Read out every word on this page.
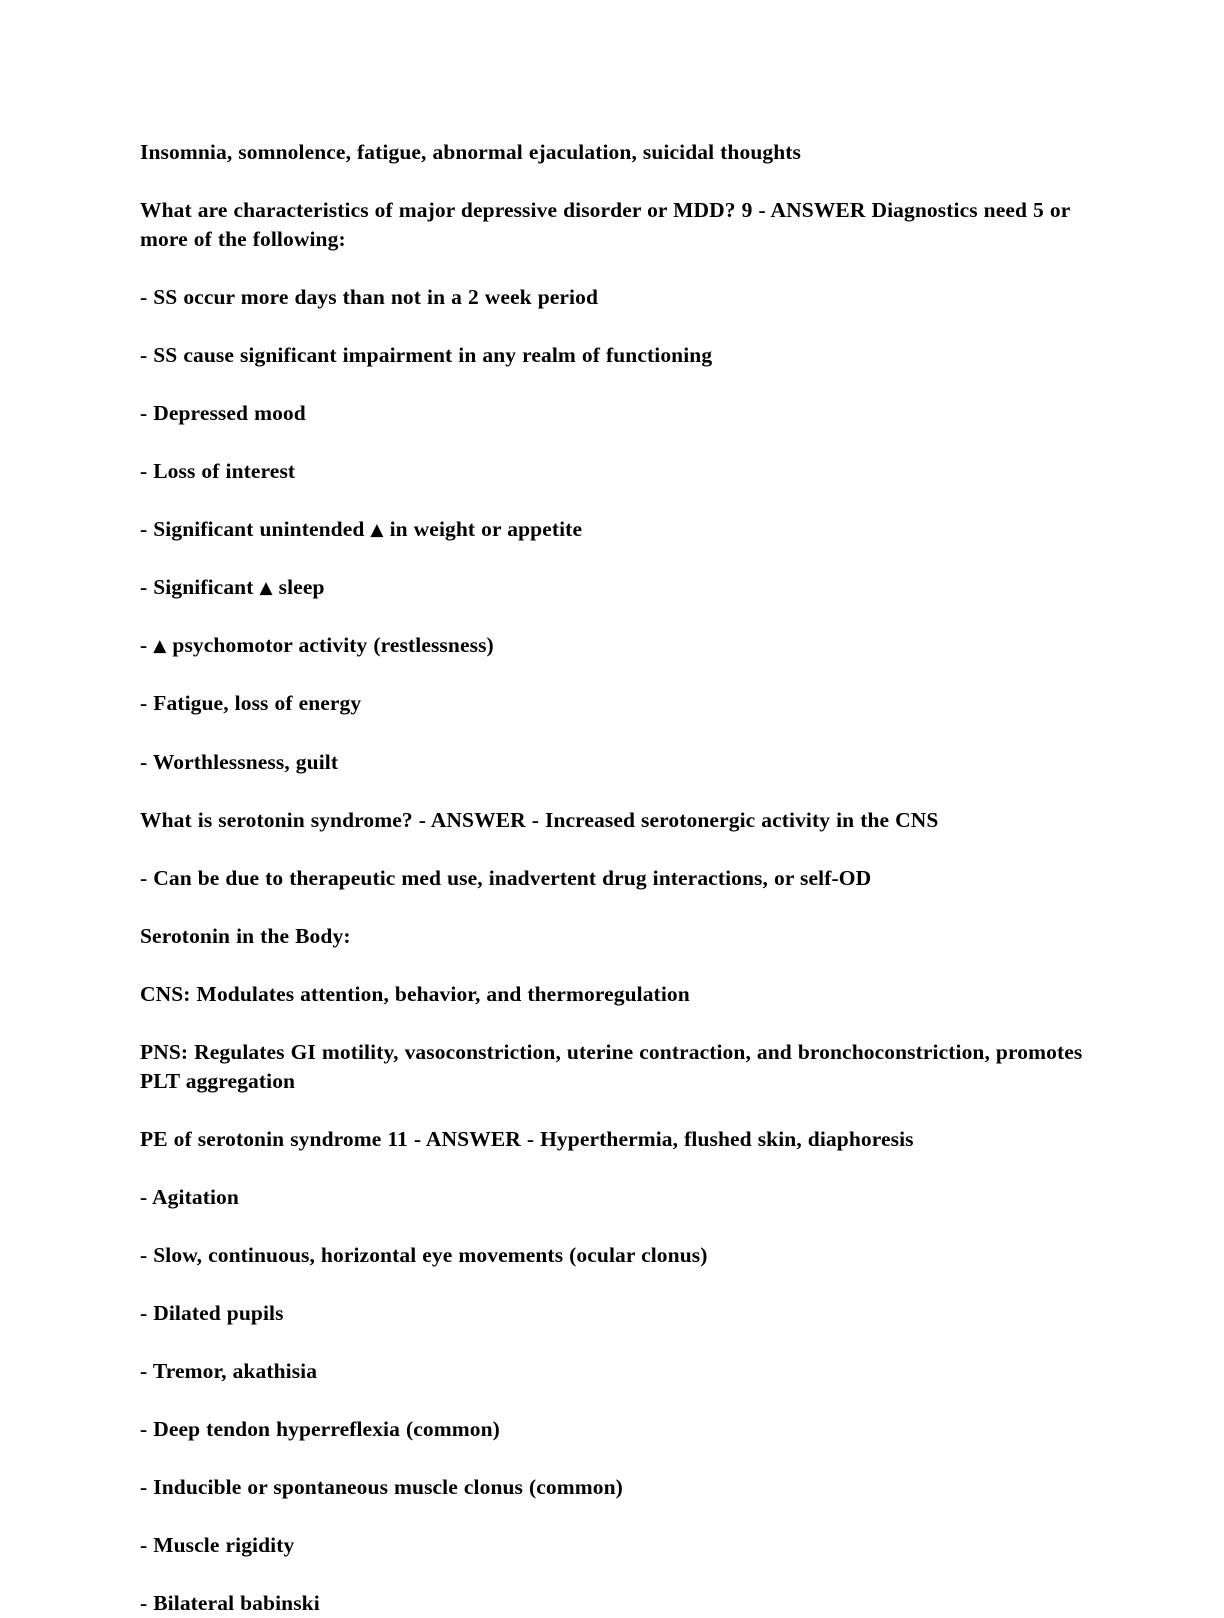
Insomnia, somnolence, fatigue, abnormal ejaculation, suicidal thoughts

What are characteristics of major depressive disorder or MDD? 9 - ANSWER Diagnostics need 5 or more of the following:

- SS occur more days than not in a 2 week period

- SS cause significant impairment in any realm of functioning

- Depressed mood

- Loss of interest

- Significant unintended ▲ in weight or appetite

- Significant ▲ sleep

- ▲ psychomotor activity (restlessness)

- Fatigue, loss of energy

- Worthlessness, guilt

What is serotonin syndrome? - ANSWER - Increased serotonergic activity in the CNS

- Can be due to therapeutic med use, inadvertent drug interactions, or self-OD

Serotonin in the Body:

CNS: Modulates attention, behavior, and thermoregulation

PNS: Regulates GI motility, vasoconstriction, uterine contraction, and bronchoconstriction, promotes PLT aggregation

PE of serotonin syndrome 11 - ANSWER - Hyperthermia, flushed skin, diaphoresis

- Agitation

- Slow, continuous, horizontal eye movements (ocular clonus)

- Dilated pupils

- Tremor, akathisia

- Deep tendon hyperreflexia (common)

- Inducible or spontaneous muscle clonus (common)

- Muscle rigidity

- Bilateral babinski
